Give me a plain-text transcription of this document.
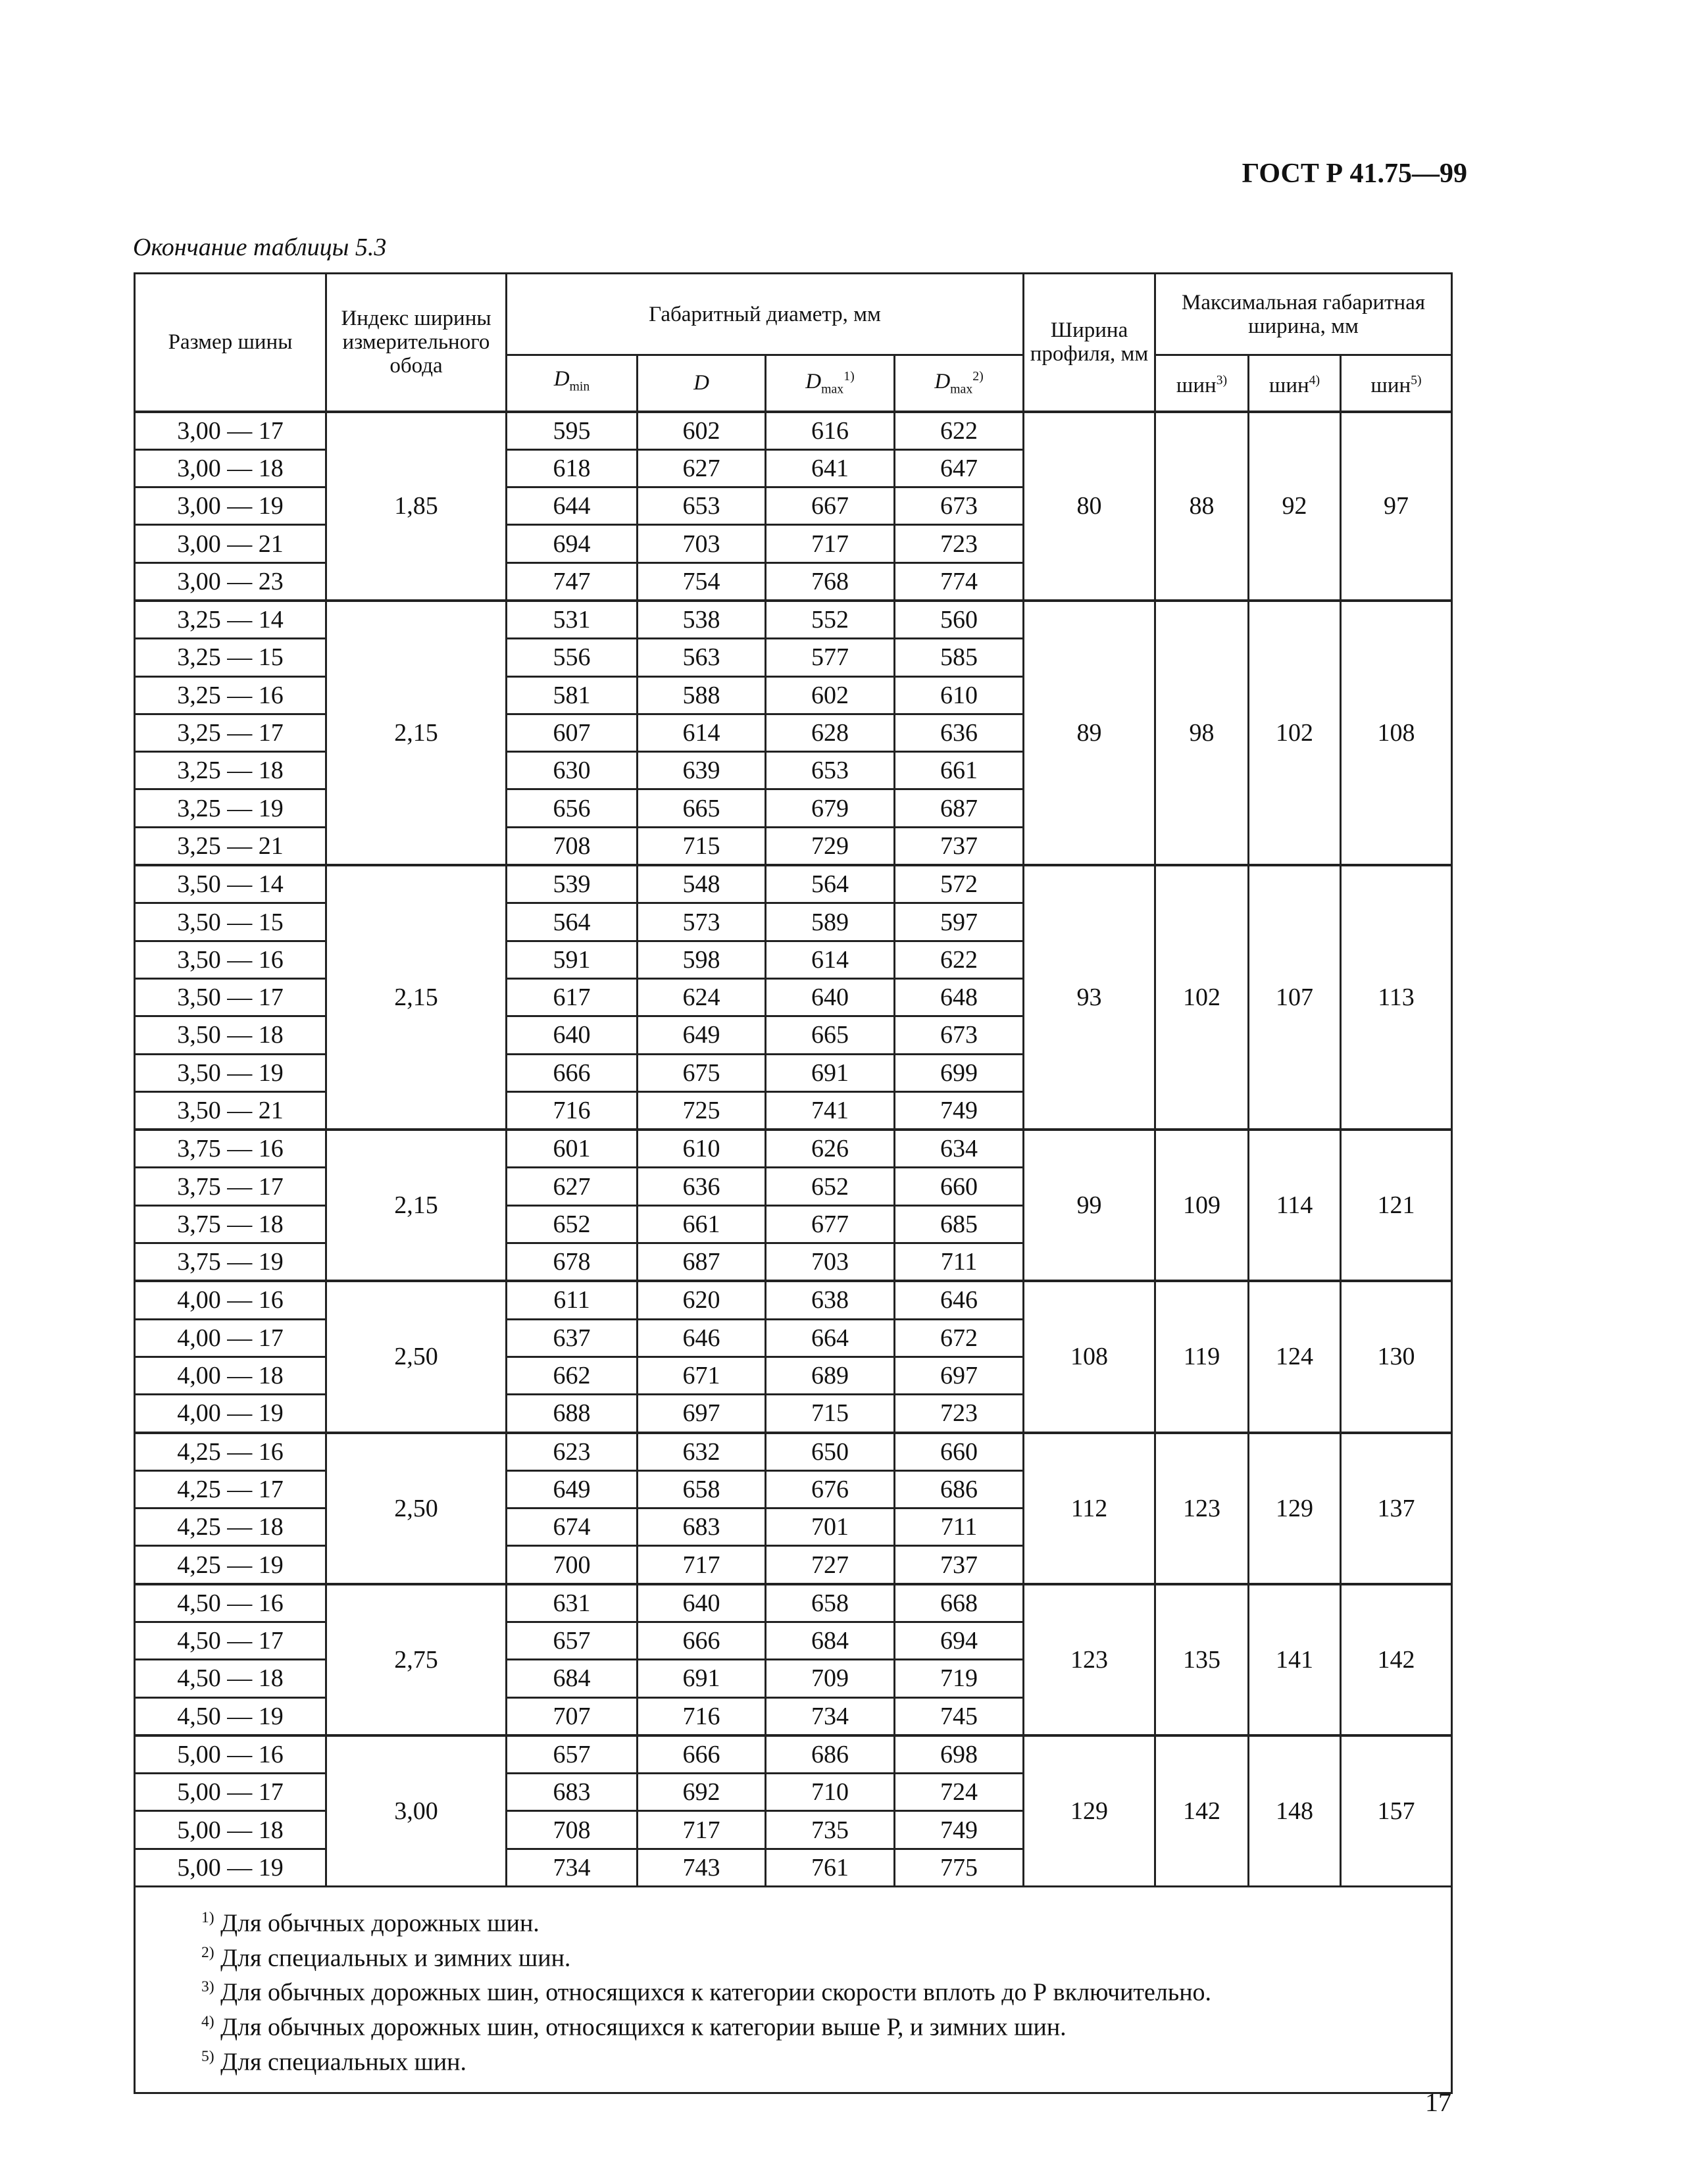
ГОСТ Р 41.75—99
Окончание таблицы 5.3
Размер шины	Индекс ширины измерительного обода	Габаритный диаметр, мм				Ширина профиля, мм	Максимальная габаритная ширина, мм		
		$D_{min}$	D	$D_{max}^{1)}$	$D_{max}^{2)}$		шин$^{3)}$	шин$^{4)}$	шин$^{5)}$
3,00 — 17	1,85	595	602	616	622	80	88	92	97
3,00 — 18		618	627	641	647				
3,00 — 19		644	653	667	673				
3,00 — 21		694	703	717	723				
3,00 — 23		747	754	768	774				
3,25 — 14	2,15	531	538	552	560	89	98	102	108
3,25 — 15		556	563	577	585				
3,25 — 16		581	588	602	610				
3,25 — 17		607	614	628	636				
3,25 — 18		630	639	653	661				
3,25 — 19		656	665	679	687				
3,25 — 21		708	715	729	737				
3,50 — 14	2,15	539	548	564	572	93	102	107	113
3,50 — 15		564	573	589	597				
3,50 — 16		591	598	614	622				
3,50 — 17		617	624	640	648				
3,50 — 18		640	649	665	673				
3,50 — 19		666	675	691	699				
3,50 — 21		716	725	741	749				
3,75 — 16	2,15	601	610	626	634	99	109	114	121
3,75 — 17		627	636	652	660				
3,75 — 18		652	661	677	685				
3,75 — 19		678	687	703	711				
4,00 — 16	2,50	611	620	638	646	108	119	124	130
4,00 — 17		637	646	664	672				
4,00 — 18		662	671	689	697				
4,00 — 19		688	697	715	723				
4,25 — 16	2,50	623	632	650	660	112	123	129	137
4,25 — 17		649	658	676	686				
4,25 — 18		674	683	701	711				
4,25 — 19		700	717	727	737				
4,50 — 16	2,75	631	640	658	668	123	135	141	142
4,50 — 17		657	666	684	694				
4,50 — 18		684	691	709	719				
4,50 — 19		707	716	734	745				
5,00 — 16	3,00	657	666	686	698	129	142	148	157
5,00 — 17		683	692	710	724				
5,00 — 18		708	717	735	749				
5,00 — 19		734	743	761	775				

$^{1)}$ Для обычных дорожных шин.
$^{2)}$ Для специальных и зимних шин.
$^{3)}$ Для обычных дорожных шин, относящихся к категории скорости вплоть до Р включительно.
$^{4)}$ Для обычных дорожных шин, относящихся к категории выше Р, и зимних шин.
$^{5)}$ Для специальных шин.									
17
